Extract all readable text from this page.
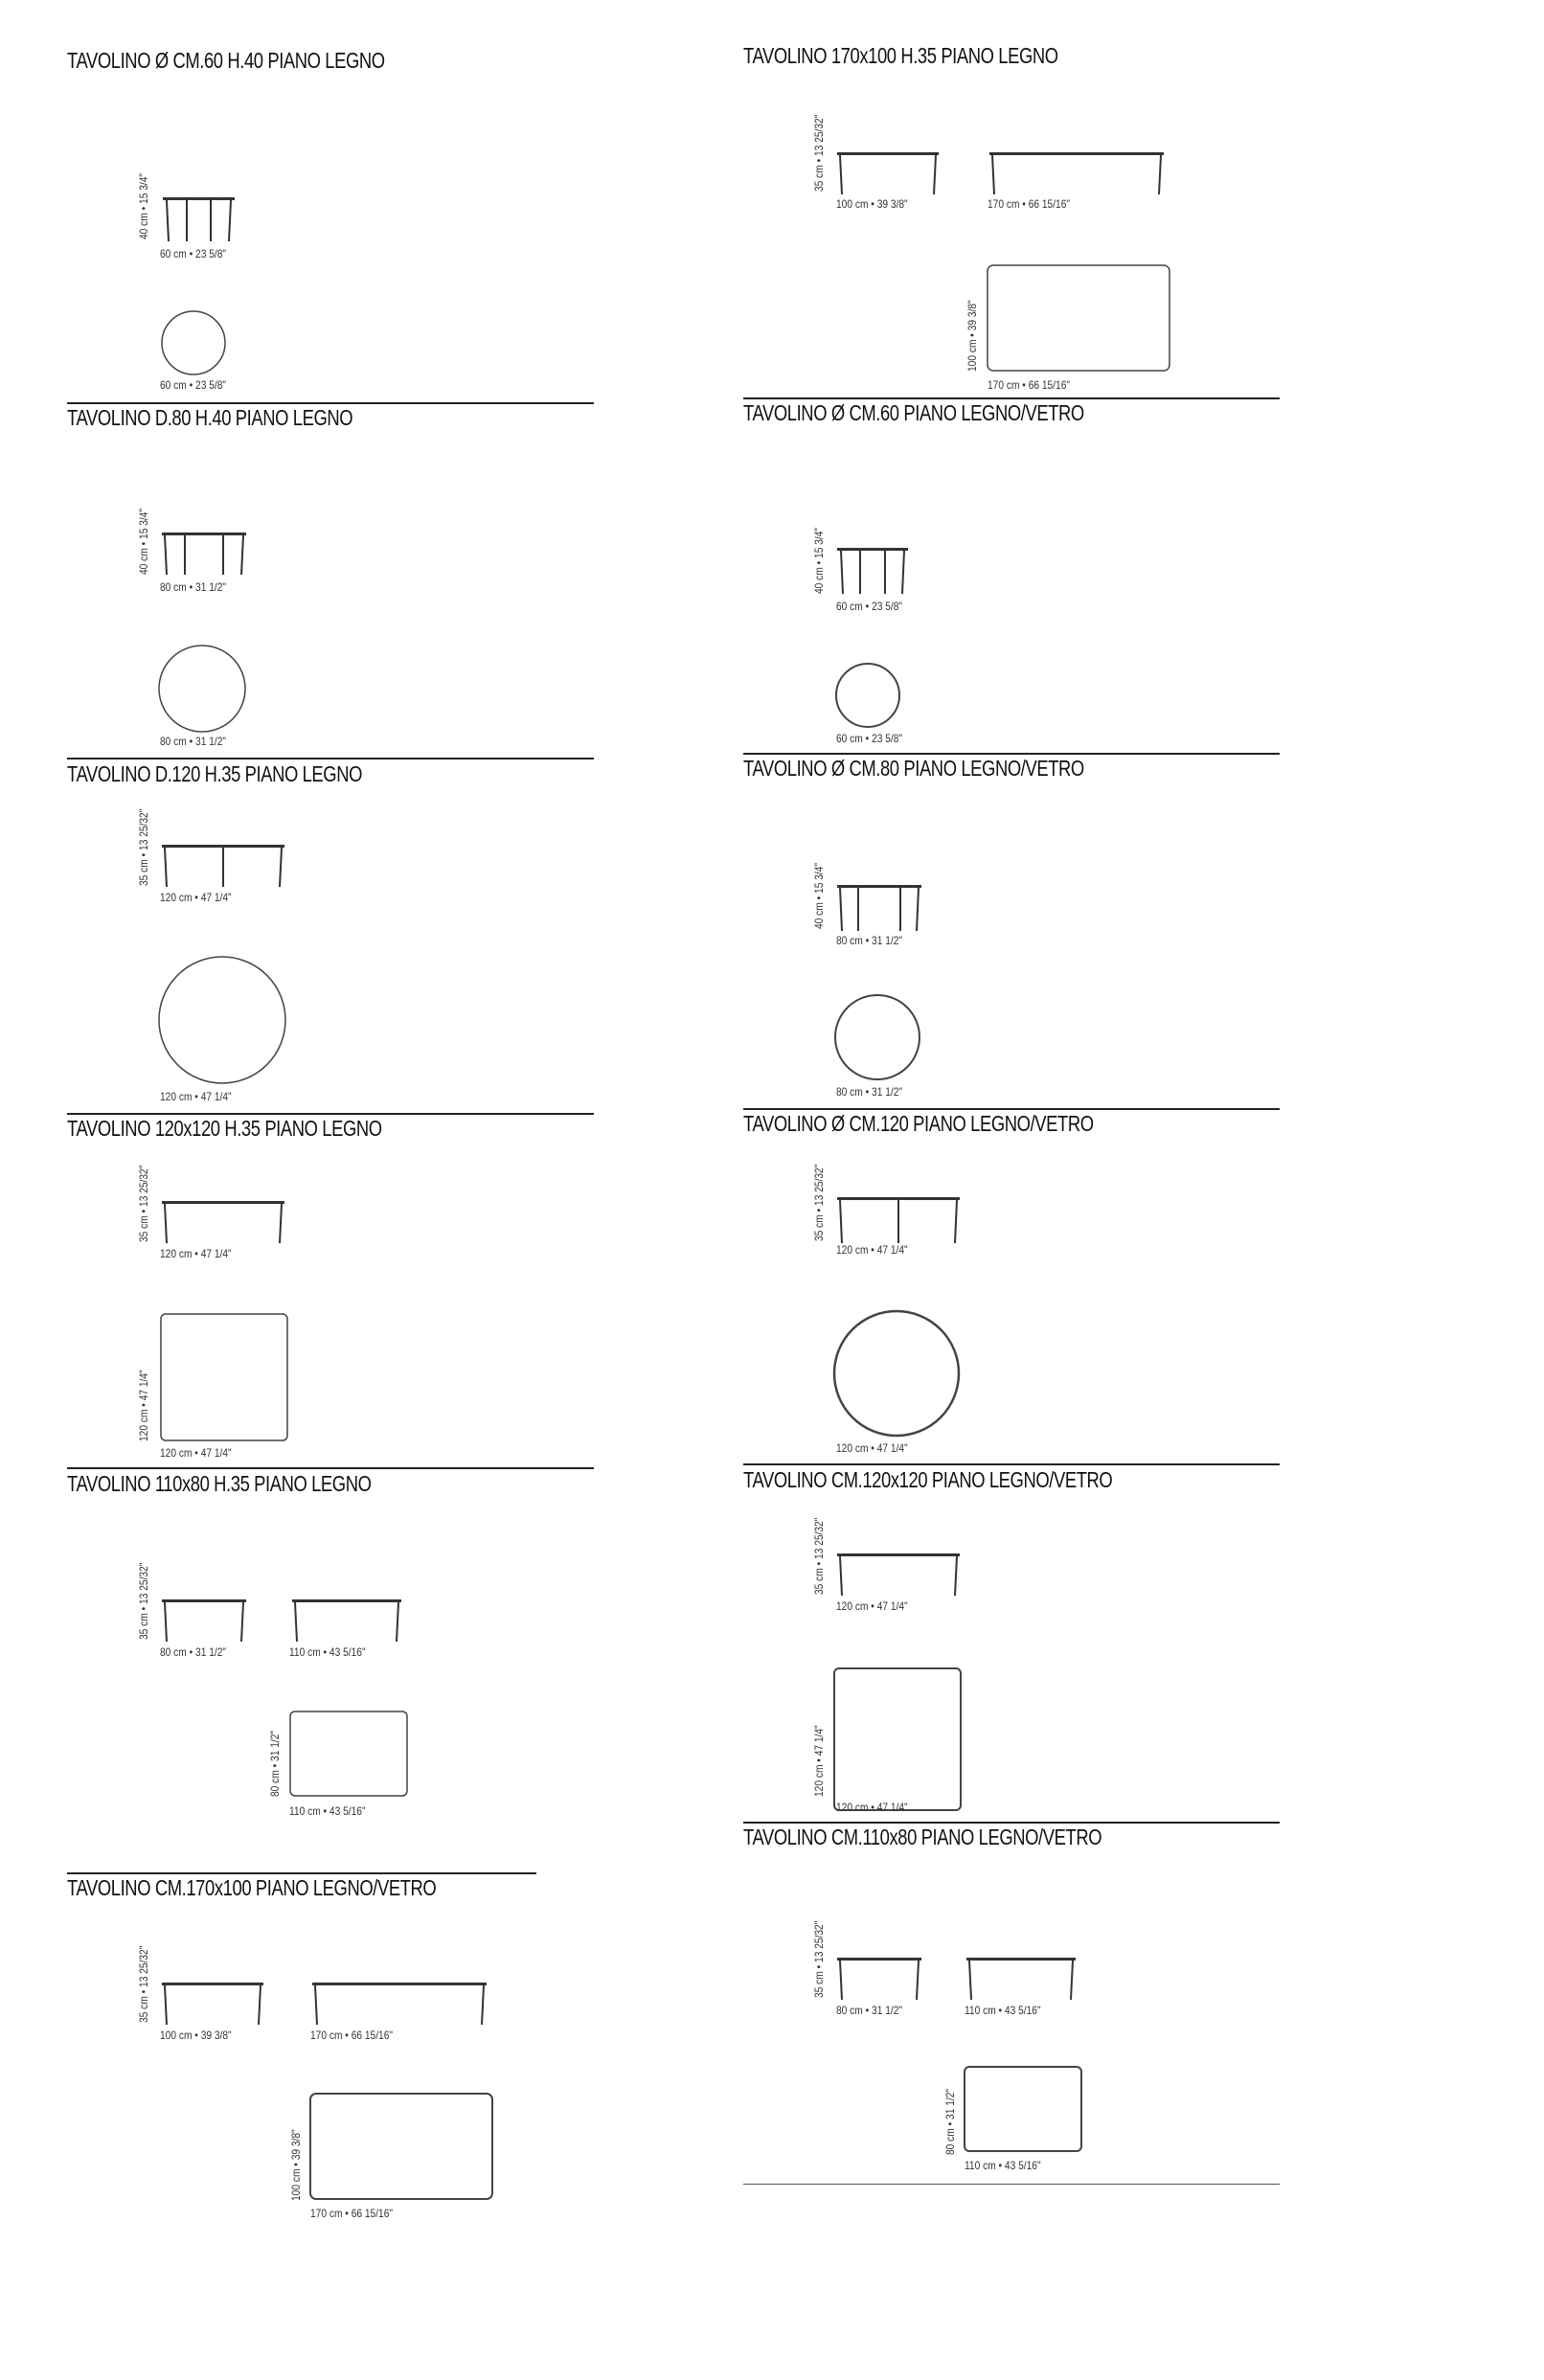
TAVOLINO Ø CM.60 H.40 PIANO LEGNO
40 cm • 15 3/4"
60 cm • 23 5/8"
60 cm • 23 5/8"
TAVOLINO D.80 H.40 PIANO LEGNO
40 cm • 15 3/4"
80 cm • 31 1/2"
80 cm • 31 1/2"
TAVOLINO D.120 H.35 PIANO LEGNO
35 cm • 13 25/32"
120 cm • 47 1/4"
120 cm • 47 1/4"
TAVOLINO 120x120 H.35 PIANO LEGNO
35 cm • 13 25/32"
120 cm • 47 1/4"
120 cm • 47 1/4"
120 cm • 47 1/4"
TAVOLINO 110x80 H.35 PIANO LEGNO
35 cm • 13 25/32"
80 cm • 31 1/2"	110 cm • 43 5/16"
80 cm • 31 1/2"
110 cm • 43 5/16"
TAVOLINO CM.170x100 PIANO LEGNO/VETRO
35 cm • 13 25/32"
100 cm • 39 3/8"	170 cm • 66 15/16"
100 cm • 39 3/8"
170 cm • 66 15/16"
TAVOLINO 170x100 H.35 PIANO LEGNO
35 cm • 13 25/32"
100 cm • 39 3/8"	170 cm • 66 15/16"
100 cm • 39 3/8"
170 cm • 66 15/16"
TAVOLINO Ø CM.60 PIANO LEGNO/VETRO
40 cm • 15 3/4"
60 cm • 23 5/8"
60 cm • 23 5/8"
TAVOLINO Ø CM.80 PIANO LEGNO/VETRO
40 cm • 15 3/4"
80 cm • 31 1/2"
80 cm • 31 1/2"
TAVOLINO Ø CM.120 PIANO LEGNO/VETRO
35 cm • 13 25/32"
120 cm • 47 1/4"
120 cm • 47 1/4"
TAVOLINO CM.120x120 PIANO LEGNO/VETRO
35 cm • 13 25/32"
120 cm • 47 1/4"
120 cm • 47 1/4"
120 cm • 47 1/4"
TAVOLINO CM.110x80 PIANO LEGNO/VETRO
35 cm • 13 25/32"
80 cm • 31 1/2"	110 cm • 43 5/16"
80 cm • 31 1/2"
110 cm • 43 5/16"
